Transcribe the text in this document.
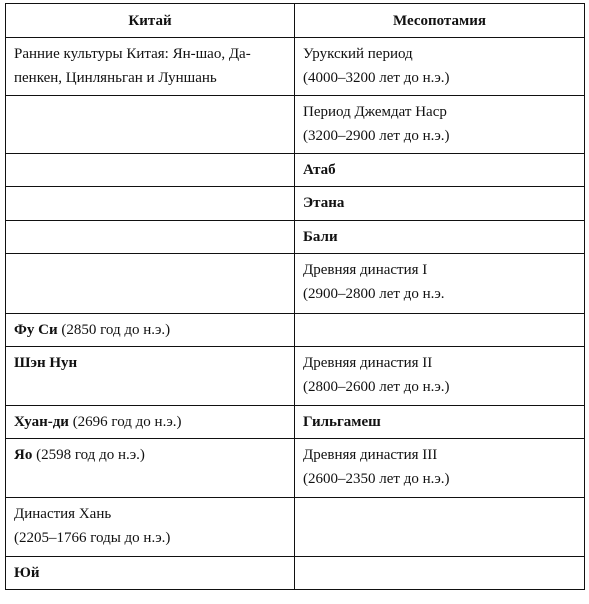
Китай	Месопотамия

Ранние культуры Китая: Ян-шао, Да-
пенкен, Цинляньган и Луншань	Урукский период
(4000–3200 лет до н.э.)

	Период Джемдат Наср
(3200–2900 лет до н.э.)

	Атаб
	Этана
	Бали

	Древняя династия I
(2900–2800 лет до н.э.

Фу Си (2850 год до н.э.)	
Шэн Нун	Древняя династия II
(2800–2600 лет до н.э.)

Хуан-ди (2696 год до н.э.)	Гильгамеш
Яо (2598 год до н.э.)	Древняя династия III
(2600–2350 лет до н.э.)

Династия Хань
(2205–1766 годы до н.э.)	

Юй	
